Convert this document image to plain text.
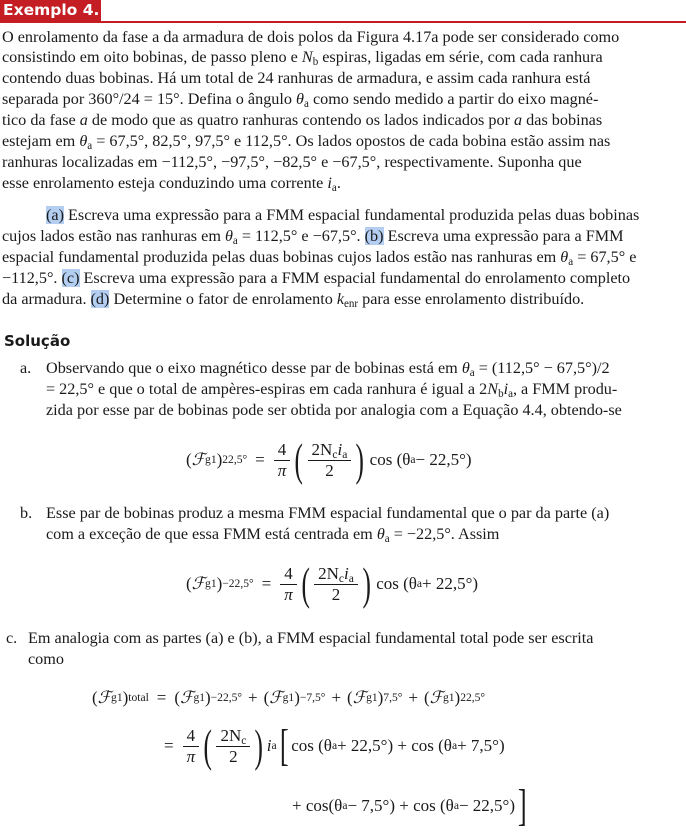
Exemplo 4.1
O enrolamento da fase a da armadura de dois polos da Figura 4.17a pode ser considerado como
consistindo em oito bobinas, de passo pleno e $N_b$ espiras, ligadas em série, com cada ranhura
contendo duas bobinas. Há um total de 24 ranhuras de armadura, e assim cada ranhura está
separada por 360°/24 = 15°. Defina o ângulo $\theta_a$ como sendo medido a partir do eixo magné-
tico da fase a de modo que as quatro ranhuras contendo os lados indicados por a das bobinas
estejam em $\theta_a = 67,5^\circ$, 82,5°, 97,5° e 112,5°. Os lados opostos de cada bobina estão assim nas
ranhuras localizadas em −112,5°, −97,5°, −82,5° e −67,5°, respectivamente. Suponha que
esse enrolamento esteja conduzindo uma corrente $i_a$.
(a) Escreva uma expressão para a FMM espacial fundamental produzida pelas duas bobinas
cujos lados estão nas ranhuras em $\theta_a = 112,5^\circ$ e −67,5°. (b) Escreva uma expressão para a FMM
espacial fundamental produzida pelas duas bobinas cujos lados estão nas ranhuras em $\theta_a = 67,5^\circ$ e
−112,5°. (c) Escreva uma expressão para a FMM espacial fundamental do enrolamento completo
da armadura. (d) Determine o fator de enrolamento $k_{enr}$ para esse enrolamento distribuído.
Solução
a. Observando que o eixo magnético desse par de bobinas está em $\theta_a = (112,5^\circ - 67,5^\circ)/2$
= 22,5° e que o total de ampères-espiras em cada ranhura é igual a $2N_bi_a$, a FMM produ-
zida por esse par de bobinas pode ser obtida por analogia com a Equação 4.4, obtendo-se
( ℱ g1 ) $22,5^\circ = \frac{4}{\pi}$ ( $\frac{2N_ci_a}{2}$ ) cos (θ a − 22,5°)
b. Esse par de bobinas produz a mesma FMM espacial fundamental que o par da parte (a)
com a exceção de que essa FMM está centrada em $\theta_a = -22,5^\circ$. Assim
( ℱ g1 ) $-22,5^\circ = \frac{4}{\pi}$ ( $\frac{2N_ci_a}{2}$ ) cos (θ a + 22,5°)
c. Em analogia com as partes (a) e (b), a FMM espacial fundamental total pode ser escrita
como
( ℱ g1 ) total = ( ℱ g1 ) −22,5° + ( ℱ g1 ) −7,5° + ( ℱ g1 ) 7,5° + ( ℱ g1 ) 22,5°
= $\frac{4}{\pi}$ ( $\frac{2N_c}{2}$ ) i a [ cos (θ a + 22,5°) + cos (θ a + 7,5°)
+ cos(θ a − 7,5°) + cos (θ a − 22,5°) ]
